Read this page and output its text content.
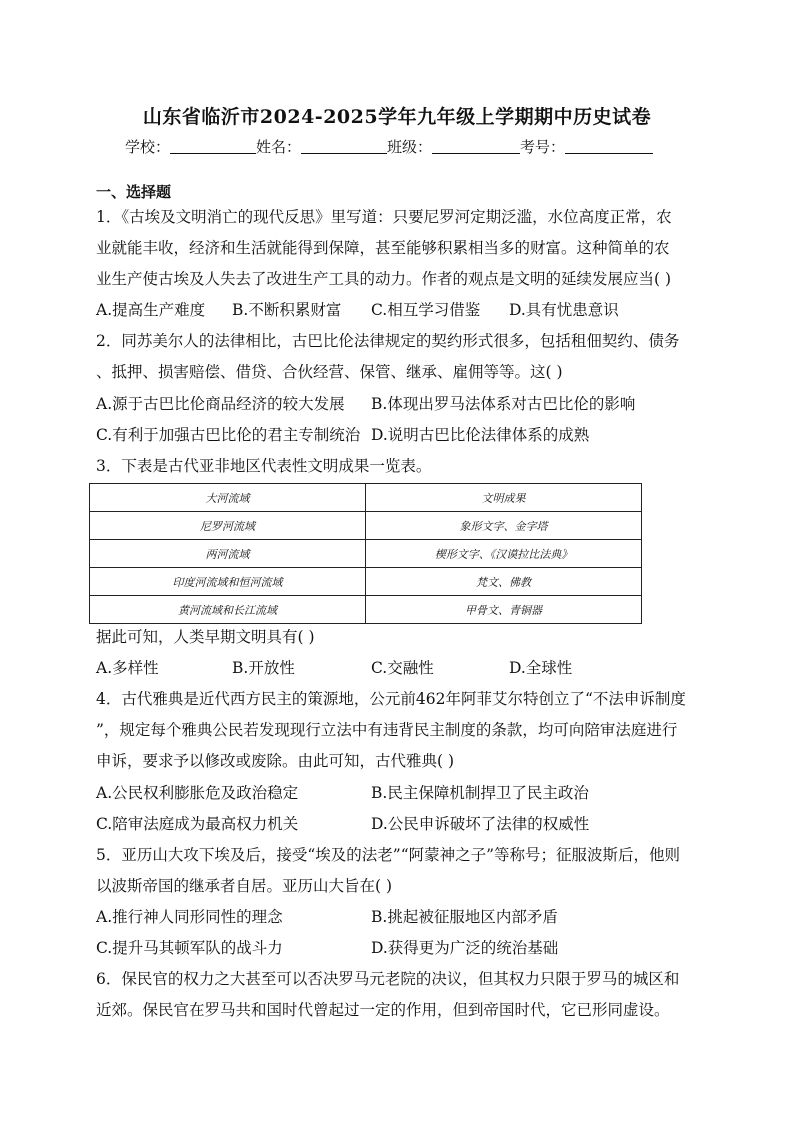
山东省临沂市2024-2025学年九年级上学期期中历史试卷
学校：	姓名：	班级：	考号：
一、选择题
1．《古埃及文明消亡的现代反思》里写道：只要尼罗河定期泛滥，水位高度正常，农
业就能丰收，经济和生活就能得到保障，甚至能够积累相当多的财富。这种简单的农
业生产使古埃及人失去了改进生产工具的动力。作者的观点是文明的延续发展应当( )
A.提高生产难度 B.不断积累财富 C.相互学习借鉴 D.具有忧患意识
2．同苏美尔人的法律相比，古巴比伦法律规定的契约形式很多，包括租佃契约、债务
、抵押、损害赔偿、借贷、合伙经营、保管、继承、雇佣等等。这( )
A.源于古巴比伦商品经济的较大发展 B.体现出罗马法体系对古巴比伦的影响
C.有利于加强古巴比伦的君主专制统治 D.说明古巴比伦法律体系的成熟
3．下表是古代亚非地区代表性文明成果一览表。
大河流域	文明成果
尼罗河流域	象形文字、金字塔
两河流域	楔形文字、《汉谟拉比法典》
印度河流域和恒河流域	梵文、佛教
黄河流域和长江流域	甲骨文、青铜器
据此可知，人类早期文明具有( )
A.多样性	B.开放性	C.交融性	D.全球性
4．古代雅典是近代西方民主的策源地，公元前462年阿菲艾尔特创立了“不法申诉制度
”，规定每个雅典公民若发现现行立法中有违背民主制度的条款，均可向陪审法庭进行
申诉，要求予以修改或废除。由此可知，古代雅典( )
A.公民权利膨胀危及政治稳定	B.民主保障机制捍卫了民主政治
C.陪审法庭成为最高权力机关	D.公民申诉破坏了法律的权威性
5．亚历山大攻下埃及后，接受“埃及的法老”“阿蒙神之子”等称号；征服波斯后，他则
以波斯帝国的继承者自居。亚历山大旨在( )
A.推行神人同形同性的理念	B.挑起被征服地区内部矛盾
C.提升马其顿军队的战斗力	D.获得更为广泛的统治基础
6．保民官的权力之大甚至可以否决罗马元老院的决议，但其权力只限于罗马的城区和
近郊。保民官在罗马共和国时代曾起过一定的作用，但到帝国时代，它已形同虚设。
